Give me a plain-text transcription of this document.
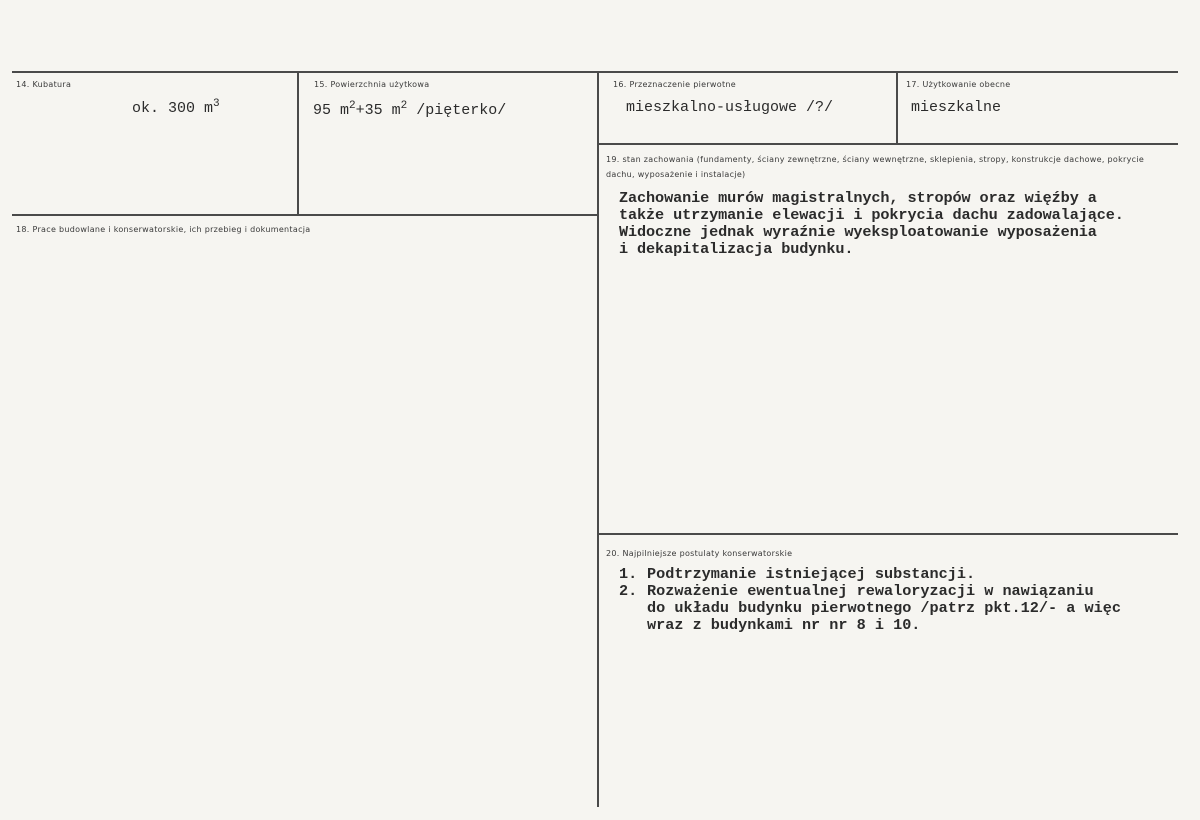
14. Kubatura
ok. 300 $m^3$
15. Powierzchnia użytkowa
95 $m^2+35$ $m^2$ /pięterko/
16. Przeznaczenie pierwotne
mieszkalno-usługowe /?/
17. Użytkowanie obecne
mieszkalne
18. Prace budowlane i konserwatorskie, ich przebieg i dokumentacja
19. stan zachowania (fundamenty, ściany zewnętrzne, ściany wewnętrzne, sklepienia, stropy, konstrukcje dachowe, pokrycie dachu, wyposażenie i instalacje)
Zachowanie murów magistralnych, stropów oraz więźby a
także utrzymanie elewacji i pokrycia dachu zadowalające.
Widoczne jednak wyraźnie wyeksploatowanie wyposażenia
i dekapitalizacja budynku.
20. Najpilniejsze postulaty konserwatorskie
1. Podtrzymanie istniejącej substancji.
2. Rozważenie ewentualnej rewaloryzacji w nawiązaniu
do układu budynku pierwotnego /patrz pkt.12/- a więc
wraz z budynkami nr nr 8 i 10.
